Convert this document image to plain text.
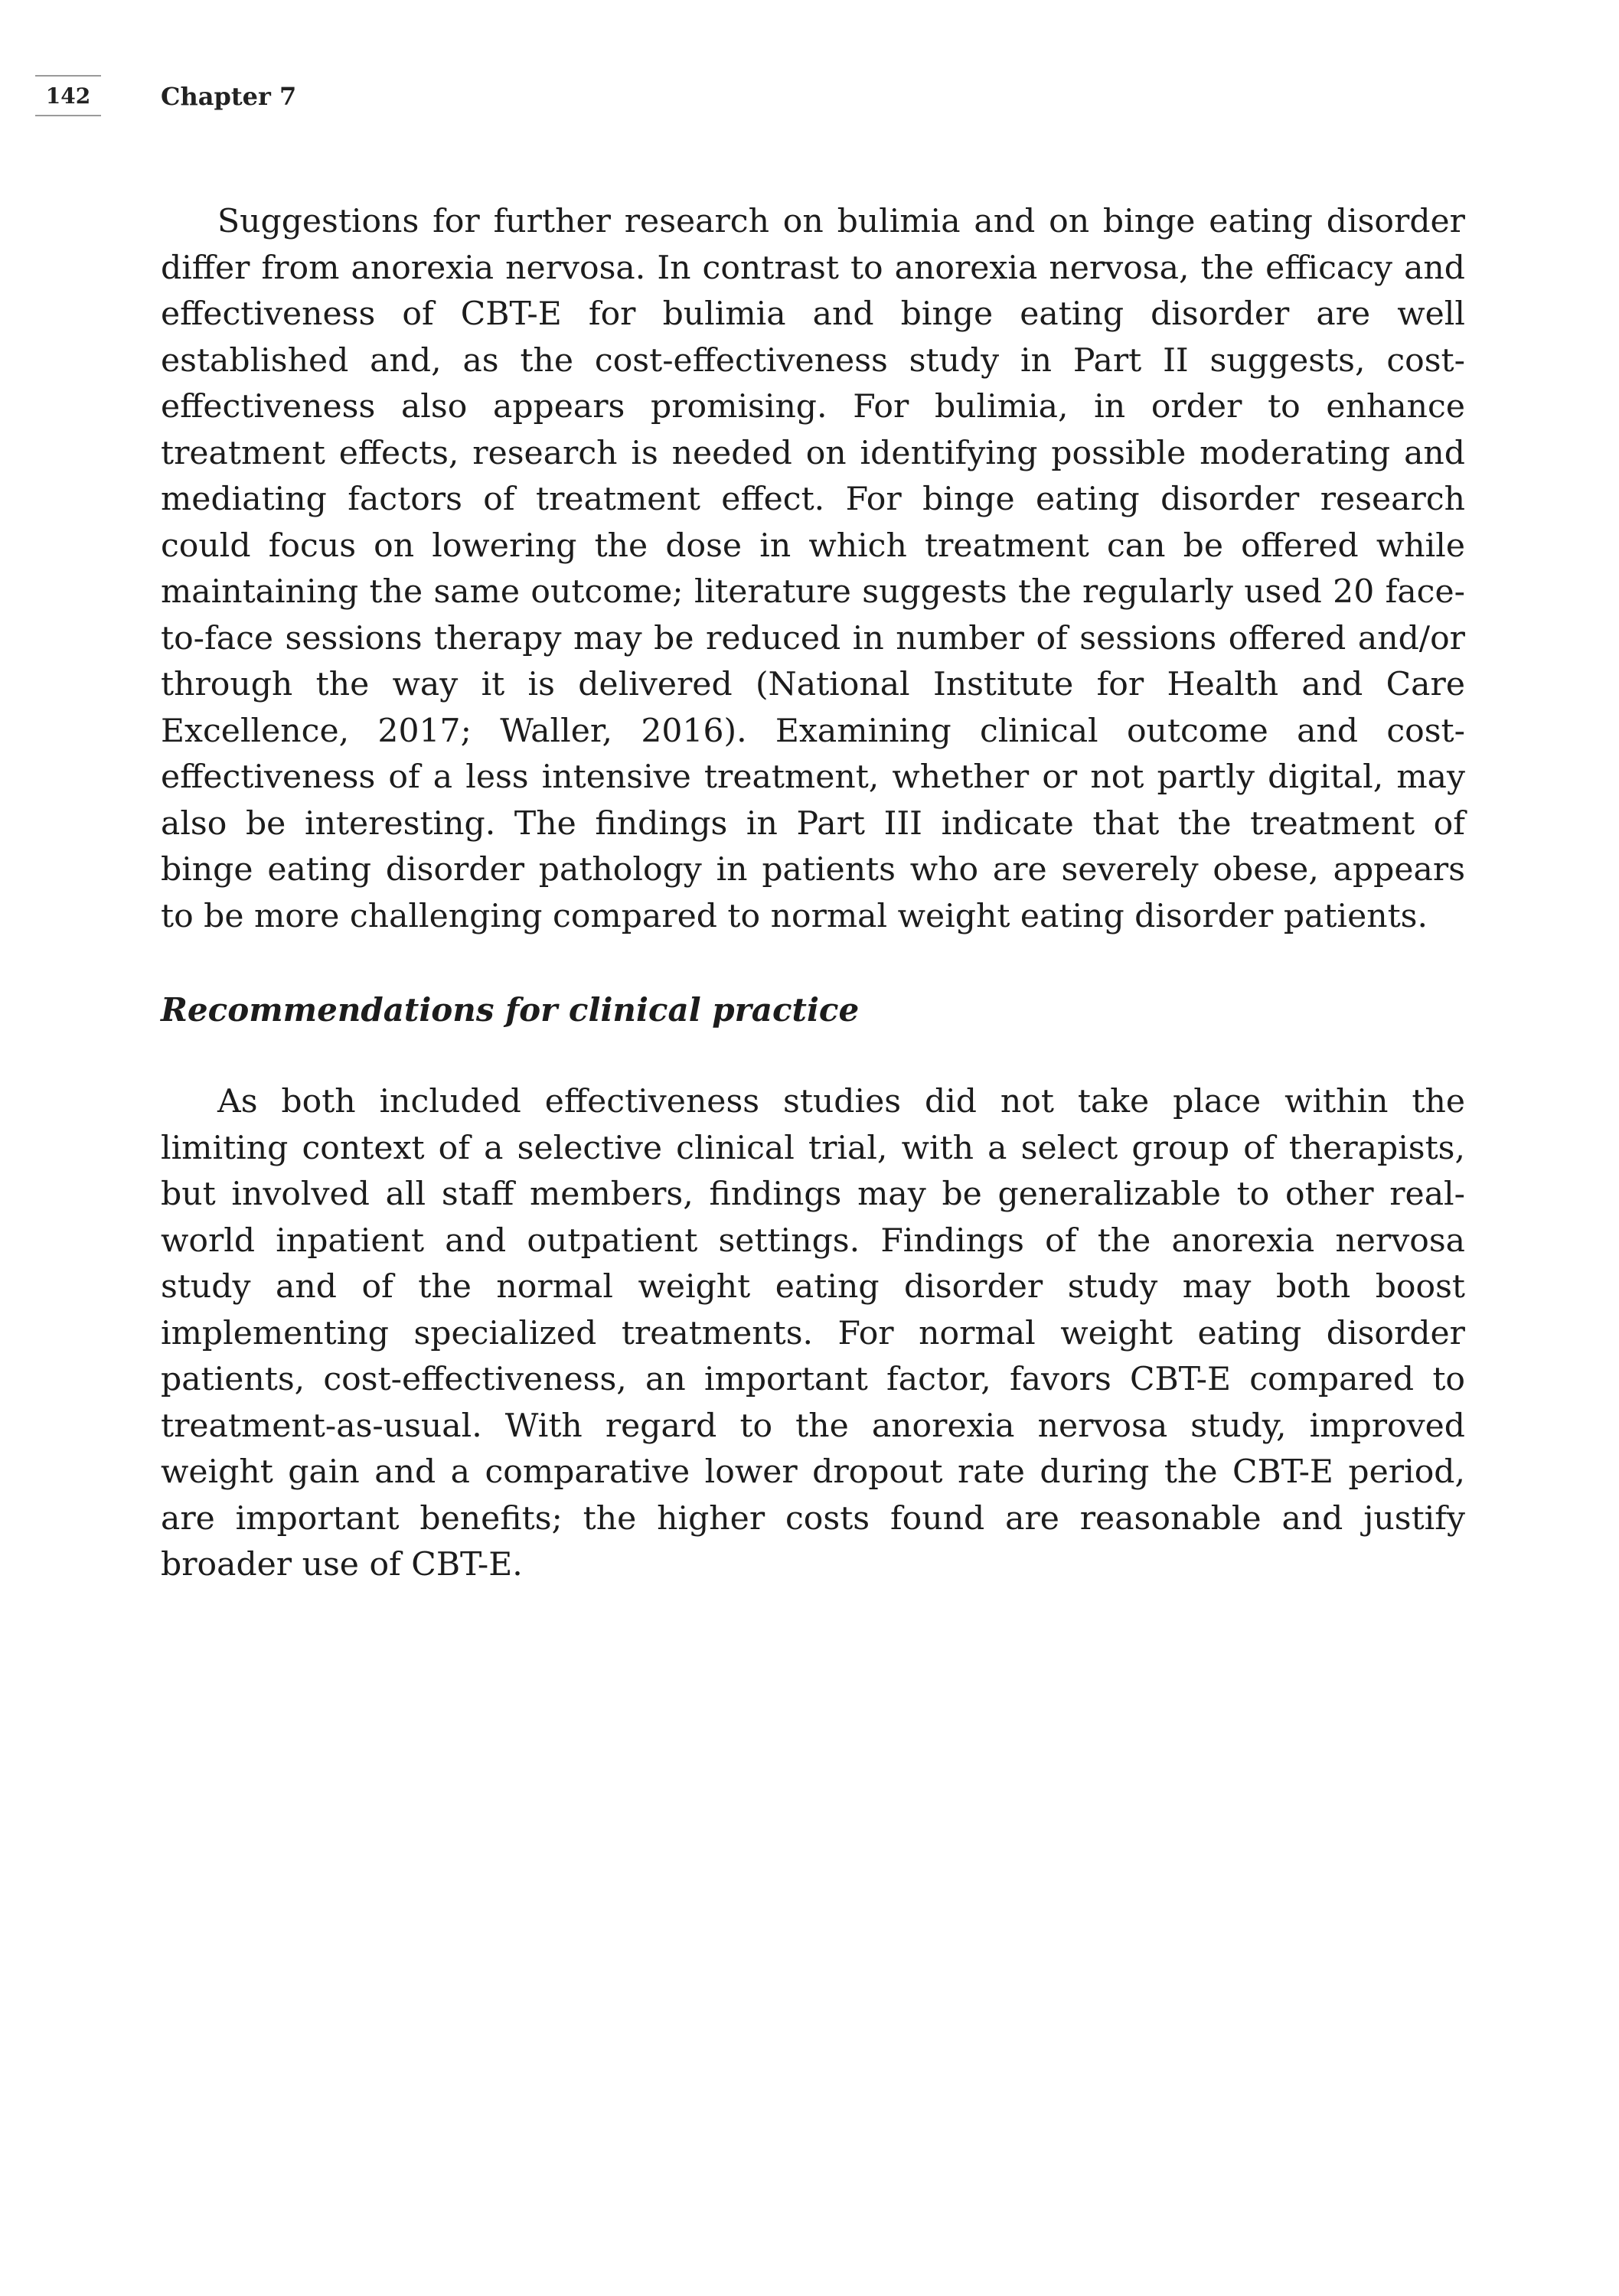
142	Chapter 7

Suggestions for further research on bulimia and on binge eating disorder differ from anorexia nervosa. In contrast to anorexia nervosa, the efficacy and effectiveness of CBT-E for bulimia and binge eating disorder are well established and, as the cost-effectiveness study in Part II suggests, cost-effectiveness also appears promising. For bulimia, in order to enhance treatment effects, research is needed on identifying possible moderating and mediating factors of treatment effect. For binge eating disorder research could focus on lowering the dose in which treatment can be offered while maintaining the same outcome; literature suggests the regularly used 20 face-to-face sessions therapy may be reduced in number of sessions offered and/or through the way it is delivered (National Institute for Health and Care Excellence, 2017; Waller, 2016). Examining clinical outcome and cost-effectiveness of a less intensive treatment, whether or not partly digital, may also be interesting. The findings in Part III indicate that the treatment of binge eating disorder pathology in patients who are severely obese, appears to be more challenging compared to normal weight eating disorder patients.

Recommendations for clinical practice

As both included effectiveness studies did not take place within the limiting context of a selective clinical trial, with a select group of therapists, but involved all staff members, findings may be generalizable to other real-world inpatient and outpatient settings. Findings of the anorexia nervosa study and of the normal weight eating disorder study may both boost implementing specialized treatments. For normal weight eating disorder patients, cost-effectiveness, an important factor, favors CBT-E compared to treatment-as-usual. With regard to the anorexia nervosa study, improved weight gain and a comparative lower dropout rate during the CBT-E period, are important benefits; the higher costs found are reasonable and justify broader use of CBT-E.
